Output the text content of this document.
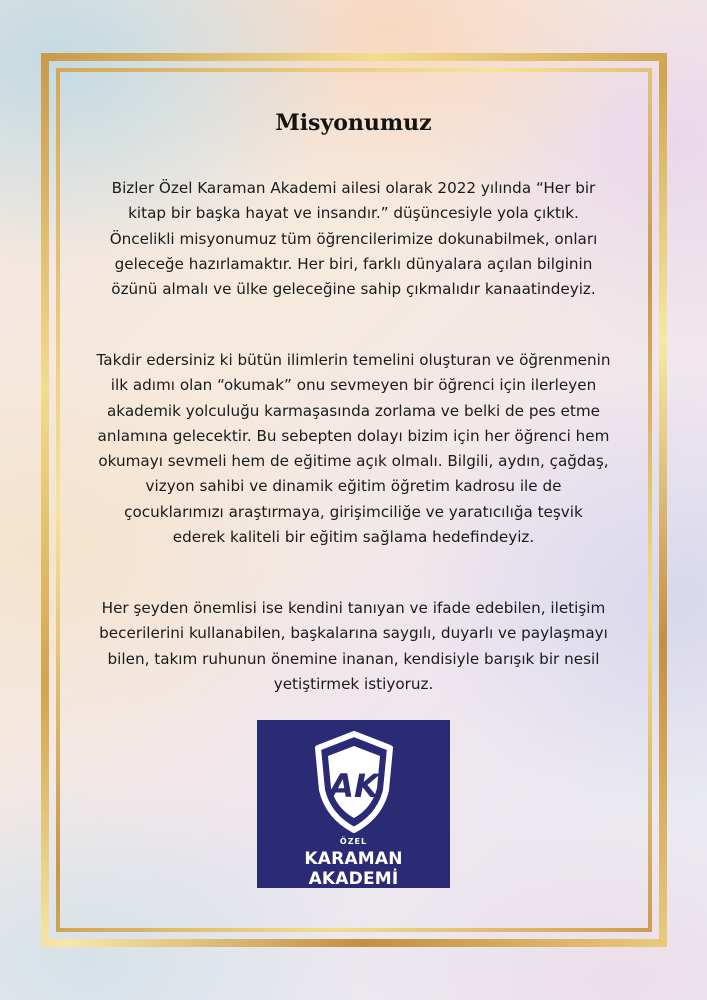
Misyonumuz

Bizler Özel Karaman Akademi ailesi olarak 2022 yılında “Her bir kitap bir başka hayat ve insandır.” düşüncesiyle yola çıktık. Öncelikli misyonumuz tüm öğrencilerimize dokunabilmek, onları geleceğe hazırlamaktır. Her biri, farklı dünyalara açılan bilginin özünü almalı ve ülke geleceğine sahip çıkmalıdır kanaatindeyiz.

Takdir edersiniz ki bütün ilimlerin temelini oluşturan ve öğrenmenin ilk adımı olan “okumak” onu sevmeyen bir öğrenci için ilerleyen akademik yolculuğu karmaşasında zorlama ve belki de pes etme anlamına gelecektir. Bu sebepten dolayı bizim için her öğrenci hem okumayı sevmeli hem de eğitime açık olmalı. Bilgili, aydın, çağdaş, vizyon sahibi ve dinamik eğitim öğretim kadrosu ile de çocuklarımızı araştırmaya, girişimciliğe ve yaratıcılığa teşvik ederek kaliteli bir eğitim sağlama hedefindeyiz.

Her şeyden önemlisi ise kendini tanıyan ve ifade edebilen, iletişim becerilerini kullanabilen, başkalarına saygılı, duyarlı ve paylaşmayı bilen, takım ruhunun önemine inanan, kendisiyle barışık bir nesil yetiştirmek istiyoruz.

AK
ÖZEL
KARAMAN
AKADEMİ
